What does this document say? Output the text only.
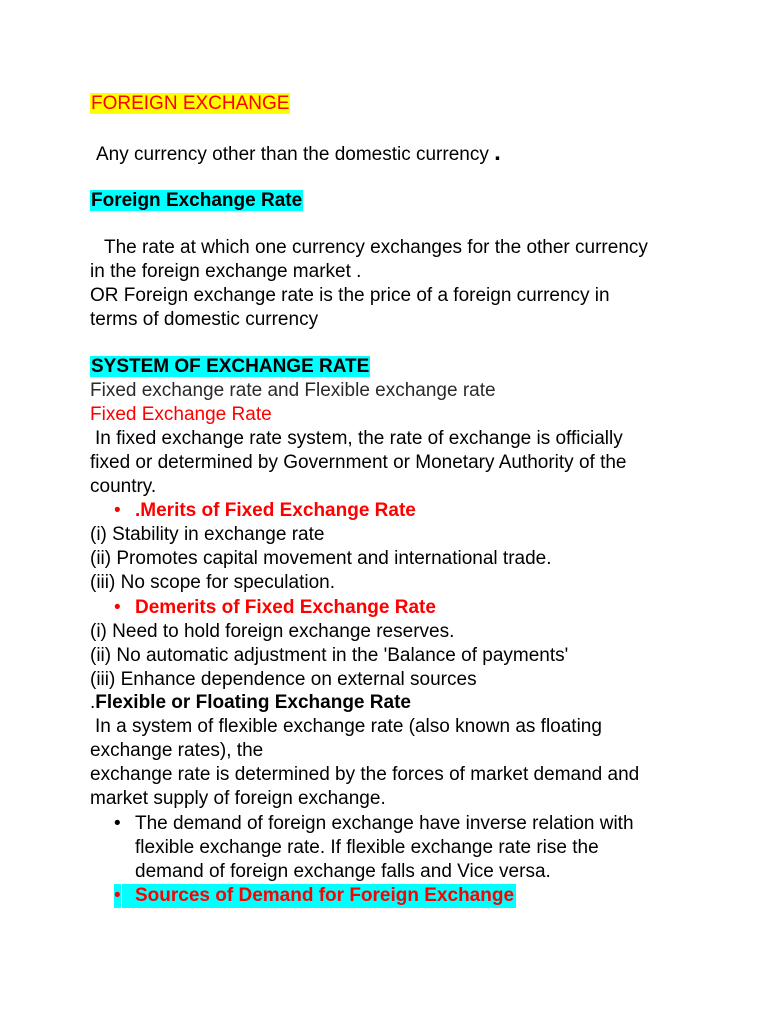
FOREIGN EXCHANGE
Any currency other than the domestic currency .
Foreign Exchange Rate
The rate at which one currency exchanges for the other currency
in the foreign exchange market .
OR Foreign exchange rate is the price of a foreign currency in
terms of domestic currency
SYSTEM OF EXCHANGE RATE
Fixed exchange rate and Flexible exchange rate
Fixed Exchange Rate
In fixed exchange rate system, the rate of exchange is officially
fixed or determined by Government or Monetary Authority of the
country.
• .Merits of Fixed Exchange Rate
(i) Stability in exchange rate
(ii) Promotes capital movement and international trade.
(iii) No scope for speculation.
• Demerits of Fixed Exchange Rate
(i) Need to hold foreign exchange reserves.
(ii) No automatic adjustment in the 'Balance of payments'
(iii) Enhance dependence on external sources
.Flexible or Floating Exchange Rate
In a system of flexible exchange rate (also known as floating
exchange rates), the
exchange rate is determined by the forces of market demand and
market supply of foreign exchange.
• The demand of foreign exchange have inverse relation with
flexible exchange rate. If flexible exchange rate rise the
demand of foreign exchange falls and Vice versa.
• Sources of Demand for Foreign Exchange
